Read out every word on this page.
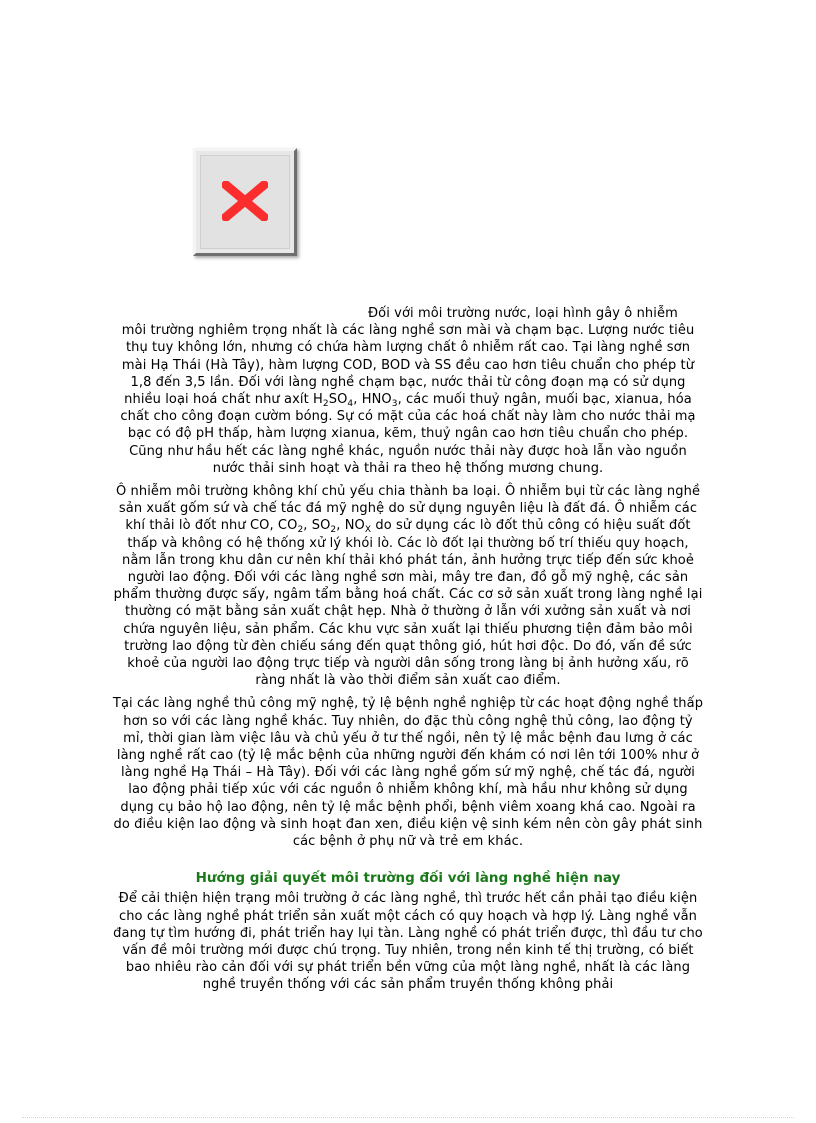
Đối với môi trường nước, loại hình gây ô nhiễm
môi trường nghiêm trọng nhất là các làng nghề sơn mài và chạm bạc. Lượng nước tiêu thụ tuy không lớn, nhưng có chứa hàm lượng chất ô nhiễm rất cao. Tại làng nghề sơn mài Hạ Thái (Hà Tây), hàm lượng COD, BOD và SS đều cao hơn tiêu chuẩn cho phép từ 1,8 đến 3,5 lần. Đối với làng nghề chạm bạc, nước thải từ công đoạn mạ có sử dụng nhiều loại hoá chất như axít $H_2SO_4$, $HNO_3$, các muối thuỷ ngân, muối bạc, xianua, hóa chất cho công đoạn cườm bóng. Sự có mặt của các hoá chất này làm cho nước thải mạ bạc có độ pH thấp, hàm lượng xianua, kẽm, thuỷ ngân cao hơn tiêu chuẩn cho phép. Cũng như hầu hết các làng nghề khác, nguồn nước thải này được hoà lẫn vào nguồn nước thải sinh hoạt và thải ra theo hệ thống mương chung.

Ô nhiễm môi trường không khí chủ yếu chia thành ba loại. Ô nhiễm bụi từ các làng nghề sản xuất gốm sứ và chế tác đá mỹ nghệ do sử dụng nguyên liệu là đất đá. Ô nhiễm các khí thải lò đốt như CO, $CO_2$, $SO_2$, $NO_X$ do sử dụng các lò đốt thủ công có hiệu suất đốt thấp và không có hệ thống xử lý khói lò. Các lò đốt lại thường bố trí thiếu quy hoạch, nằm lẫn trong khu dân cư nên khí thải khó phát tán, ảnh hưởng trực tiếp đến sức khoẻ người lao động. Đối với các làng nghề sơn mài, mây tre đan, đồ gỗ mỹ nghệ, các sản phẩm thường được sấy, ngâm tẩm bằng hoá chất. Các cơ sở sản xuất trong làng nghề lại thường có mặt bằng sản xuất chật hẹp. Nhà ở thường ở lẫn với xưởng sản xuất và nơi chứa nguyên liệu, sản phẩm. Các khu vực sản xuất lại thiếu phương tiện đảm bảo môi trường lao động từ đèn chiếu sáng đến quạt thông gió, hút hơi độc. Do đó, vấn đề sức khoẻ của người lao động trực tiếp và người dân sống trong làng bị ảnh hưởng xấu, rõ ràng nhất là vào thời điểm sản xuất cao điểm.

Tại các làng nghề thủ công mỹ nghệ, tỷ lệ bệnh nghề nghiệp từ các hoạt động nghề thấp hơn so với các làng nghề khác. Tuy nhiên, do đặc thù công nghệ thủ công, lao động tỷ mỉ, thời gian làm việc lâu và chủ yếu ở tư thế ngồi, nên tỷ lệ mắc bệnh đau lưng ở các làng nghề rất cao (tỷ lệ mắc bệnh của những người đến khám có nơi lên tới 100% như ở làng nghề Hạ Thái – Hà Tây). Đối với các làng nghề gốm sứ mỹ nghệ, chế tác đá, người lao động phải tiếp xúc với các nguồn ô nhiễm không khí, mà hầu như không sử dụng dụng cụ bảo hộ lao động, nên tỷ lệ mắc bệnh phổi, bệnh viêm xoang khá cao. Ngoài ra do điều kiện lao động và sinh hoạt đan xen, điều kiện vệ sinh kém nên còn gây phát sinh các bệnh ở phụ nữ và trẻ em khác.

Hướng giải quyết môi trường đối với làng nghề hiện nay

Để cải thiện hiện trạng môi trường ở các làng nghề, thì trước hết cần phải tạo điều kiện cho các làng nghề phát triển sản xuất một cách có quy hoạch và hợp lý. Làng nghề vẫn đang tự tìm hướng đi, phát triển hay lụi tàn. Làng nghề có phát triển được, thì đầu tư cho vấn đề môi trường mới được chú trọng. Tuy nhiên, trong nền kinh tế thị trường, có biết bao nhiêu rào cản đối với sự phát triển bền vững của một làng nghề, nhất là các làng nghề truyền thống với các sản phẩm truyền thống không phải
